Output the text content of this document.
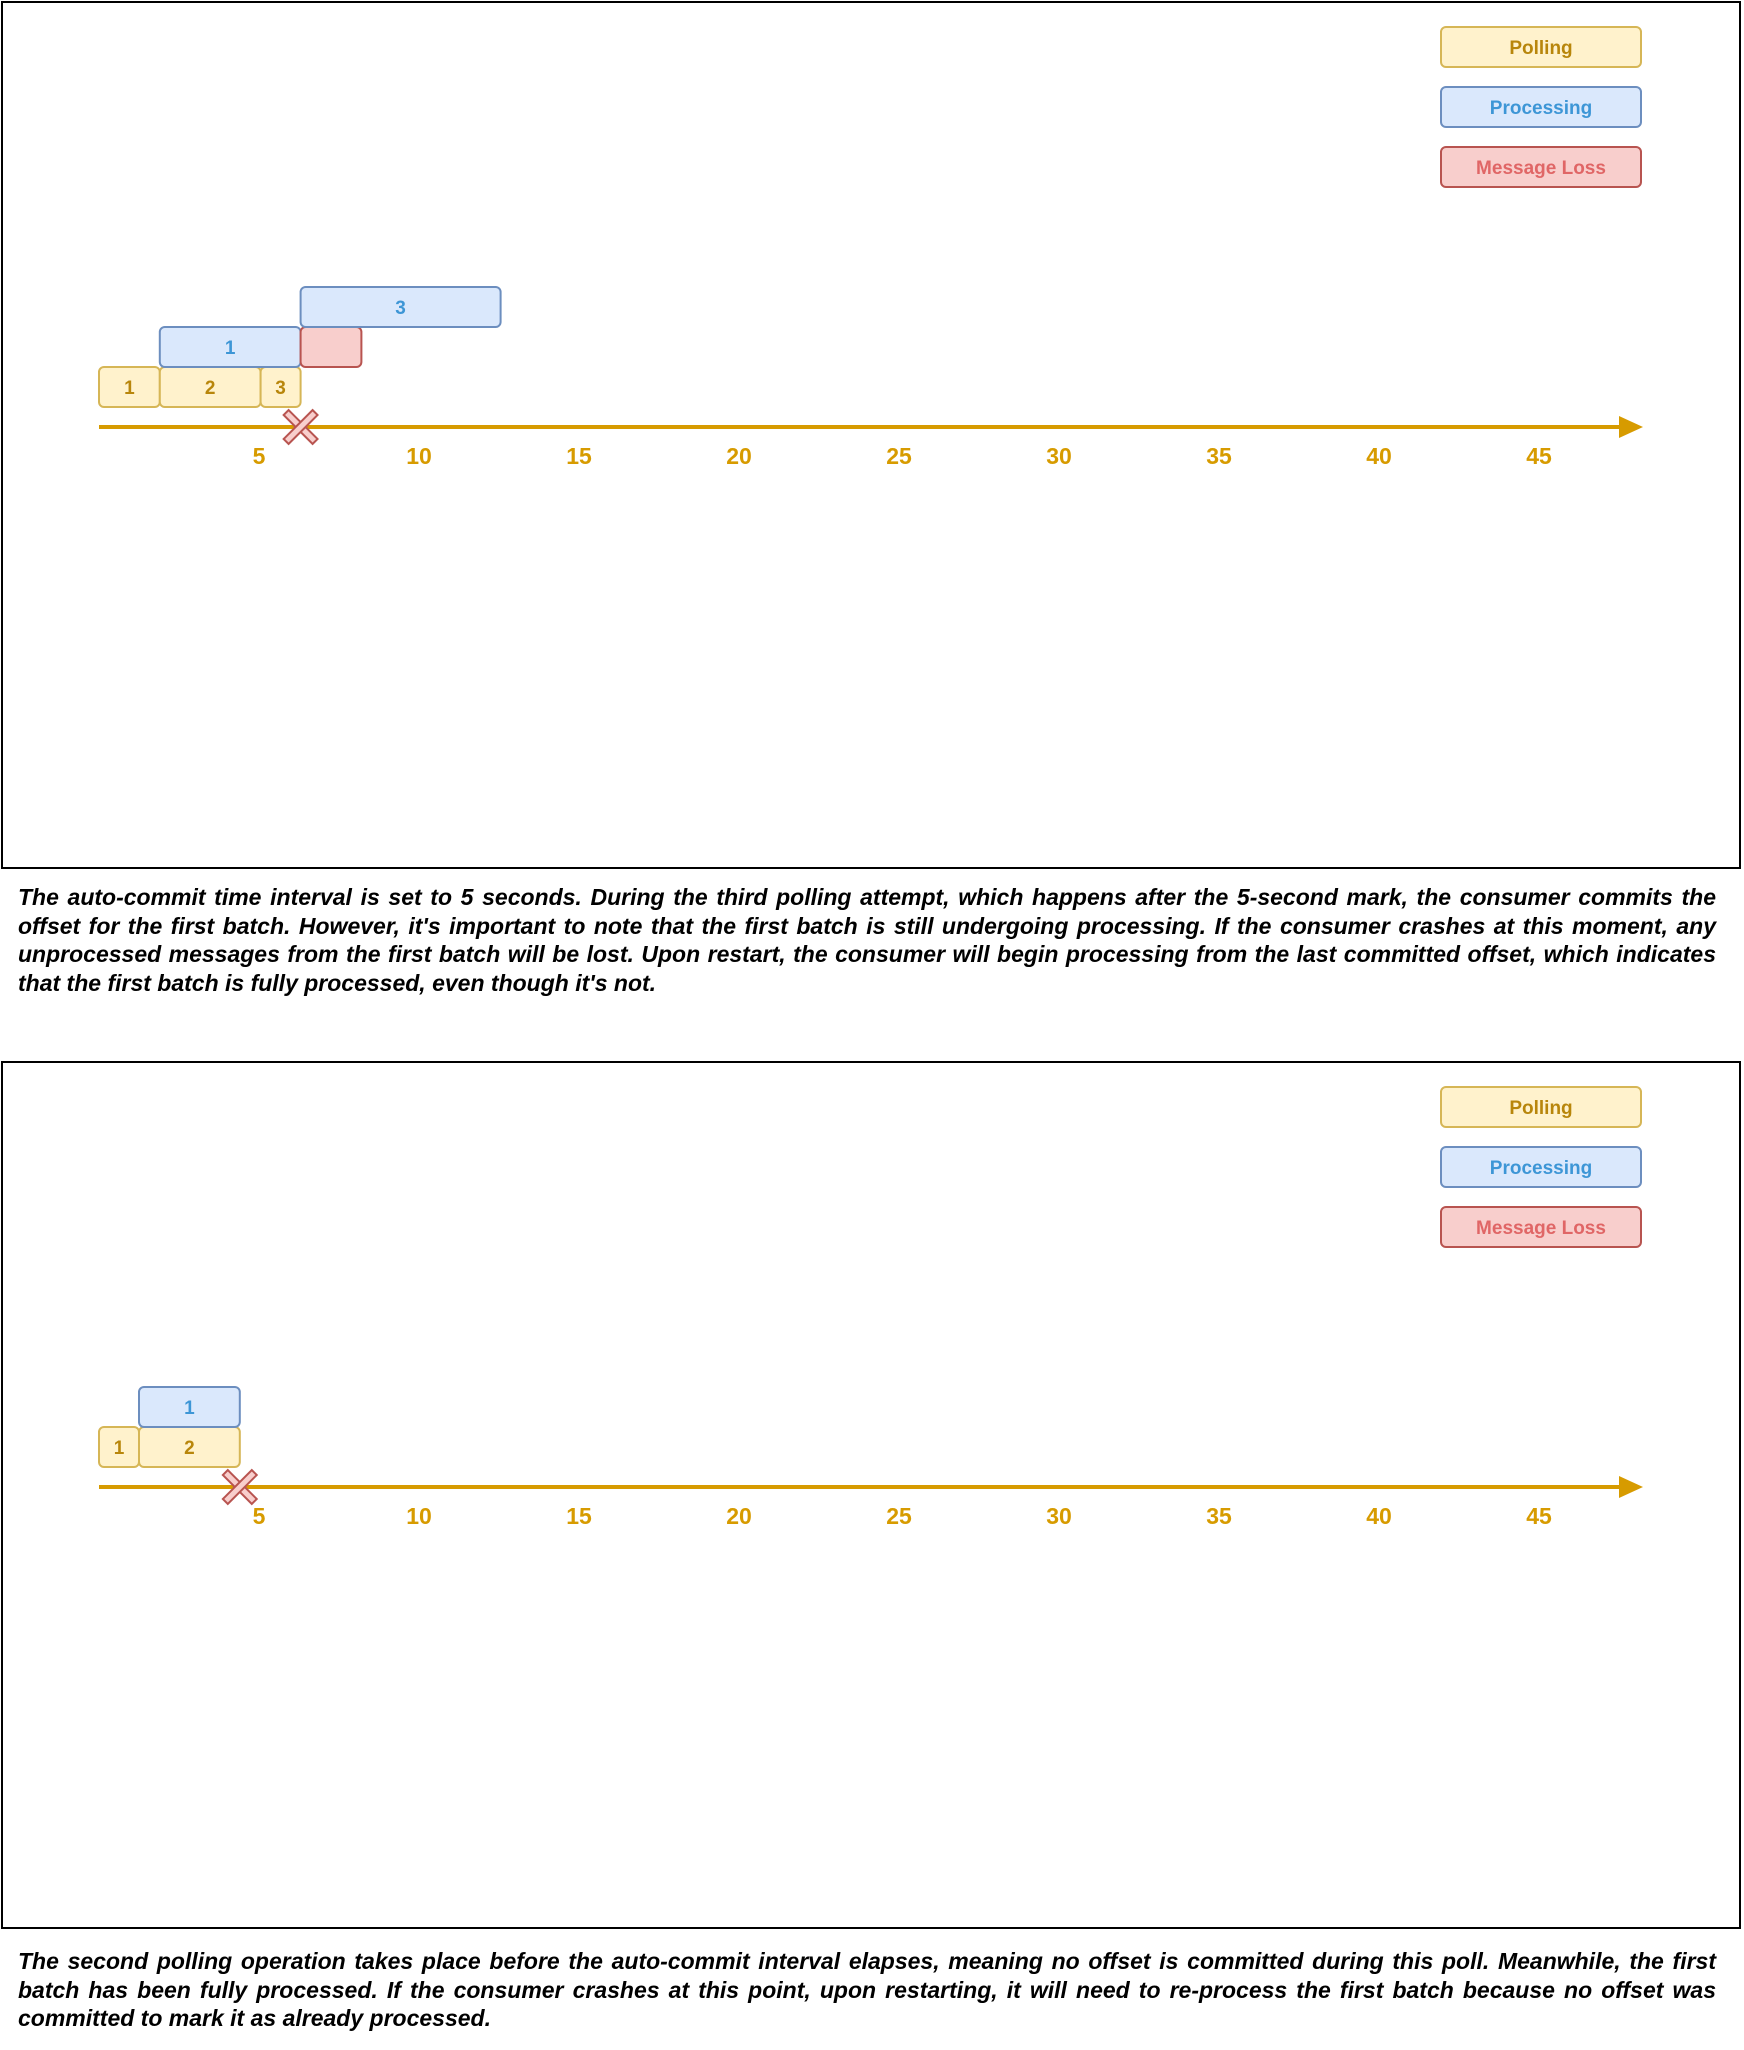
Polling
Processing
Message Loss
5	10	15	20	25	30	35	40	45
1	2	3
1
3

The auto-commit time interval is set to 5 seconds. During the third polling attempt, which happens after the 5-second mark, the consumer commits the offset for the first batch. However, it's important to note that the first batch is still undergoing processing. If the consumer crashes at this moment, any unprocessed messages from the first batch will be lost. Upon restart, the consumer will begin processing from the last committed offset, which indicates that the first batch is fully processed, even though it's not.

Polling
Processing
Message Loss
5	10	15	20	25	30	35	40	45
1	2
1

The second polling operation takes place before the auto-commit interval elapses, meaning no offset is committed during this poll. Meanwhile, the first batch has been fully processed. If the consumer crashes at this point, upon restarting, it will need to re-process the first batch because no offset was committed to mark it as already processed.
